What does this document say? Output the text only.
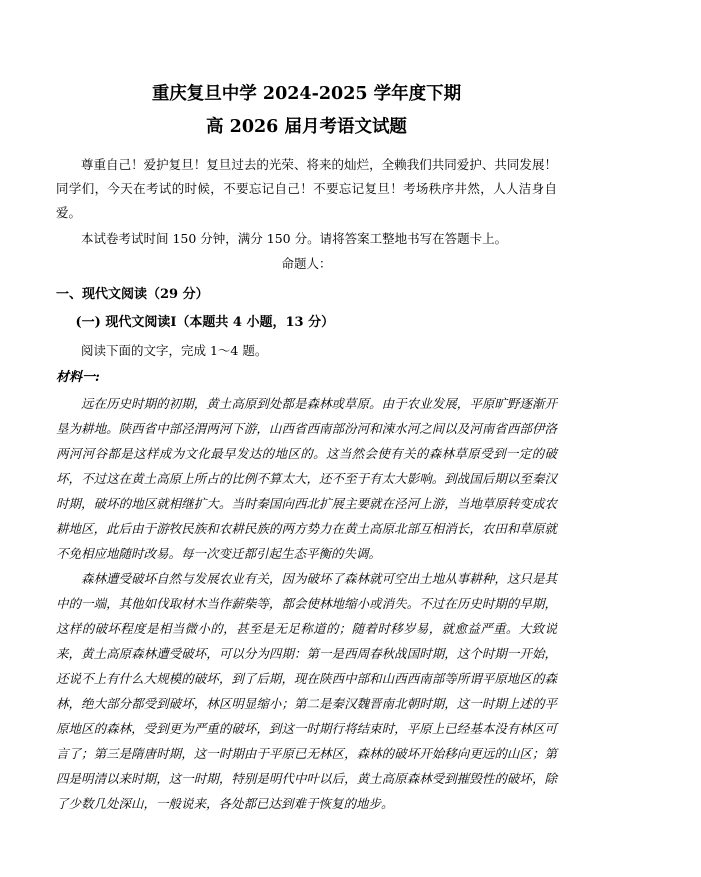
重庆复旦中学 2024-2025 学年度下期
高 2026 届月考语文试题

尊重自己！爱护复旦！复旦过去的光荣、将来的灿烂，全赖我们共同爱护、共同发展！同学们，今天在考试的时候，不要忘记自己！不要忘记复旦！考场秩序井然，人人洁身自爱。

本试卷考试时间 150 分钟，满分 150 分。请将答案工整地书写在答题卡上。

命题人：

一、现代文阅读（29 分）
(一) 现代文阅读Ⅰ（本题共 4 小题，13 分）

阅读下面的文字，完成 1～4 题。

材料一:

远在历史时期的初期，黄土高原到处都是森林或草原。由于农业发展，平原旷野逐渐开垦为耕地。陕西省中部泾渭两河下游，山西省西南部汾河和涑水河之间以及河南省西部伊洛两河河谷都是这样成为文化最早发达的地区的。这当然会使有关的森林草原受到一定的破坏，不过这在黄土高原上所占的比例不算太大，还不至于有太大影响。到战国后期以至秦汉时期，破坏的地区就相继扩大。当时秦国向西北扩展主要就在泾河上游，当地草原转变成农耕地区，此后由于游牧民族和农耕民族的两方势力在黄土高原北部互相消长，农田和草原就不免相应地随时改易。每一次变迁都引起生态平衡的失调。

森林遭受破坏自然与发展农业有关，因为破坏了森林就可空出土地从事耕种，这只是其中的一端，其他如伐取材木当作薪柴等，都会使林地缩小或消失。不过在历史时期的早期，这样的破坏程度是相当微小的，甚至是无足称道的；随着时移岁易，就愈益严重。大致说来，黄土高原森林遭受破坏，可以分为四期：第一是西周春秋战国时期，这个时期一开始，还说不上有什么大规模的破坏，到了后期，现在陕西中部和山西西南部等所谓平原地区的森林，绝大部分都受到破坏，林区明显缩小；第二是秦汉魏晋南北朝时期，这一时期上述的平原地区的森林，受到更为严重的破坏，到这一时期行将结束时，平原上已经基本没有林区可言了；第三是隋唐时期，这一时期由于平原已无林区，森林的破坏开始移向更远的山区；第四是明清以来时期，这一时期，特别是明代中叶以后，黄土高原森林受到摧毁性的破坏，除了少数几处深山，一般说来，各处都已达到难于恢复的地步。
